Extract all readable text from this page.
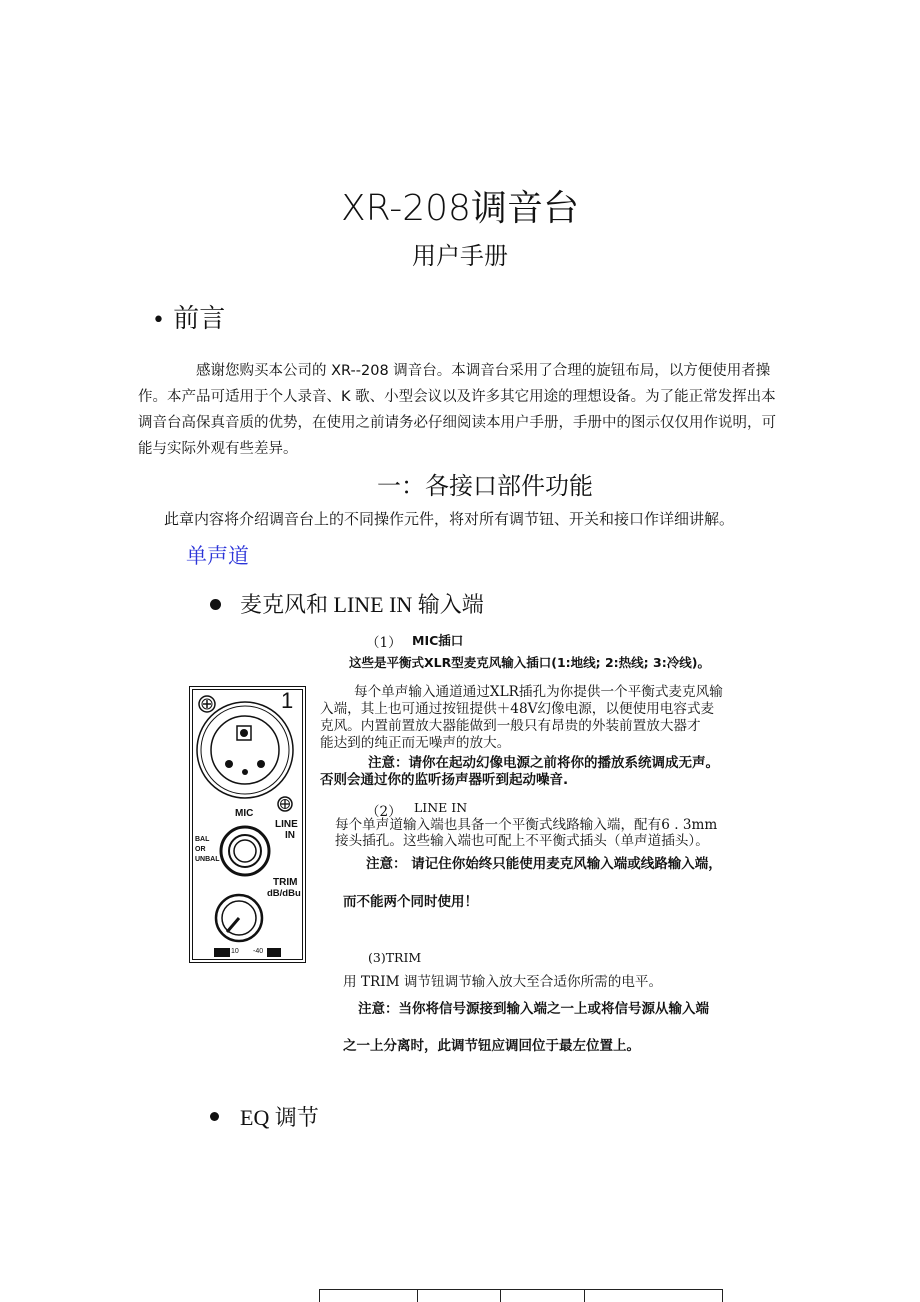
XR-208调音台
用户手册
• 前言

感谢您购买本公司的 XR--208 调音台。本调音台采用了合理的旋钮布局，以方便使用者操作。本产品可适用于个人录音、K 歌、小型会议以及许多其它用途的理想设备。为了能正常发挥出本调音台高保真音质的优势，在使用之前请务必仔细阅读本用户手册，手册中的图示仅仅用作说明，可能与实际外观有些差异。

一：各接口部件功能
此章内容将介绍调音台上的不同操作元件，将对所有调节钮、开关和接口作详细讲解。
单声道
麦克风和 LINE IN 输入端
（1） MIC插口
这些是平衡式XLR型麦克风输入插口(1:地线; 2:热线; 3:冷线)。
每个单声输入通道通过XLR插孔为你提供一个平衡式麦克风输
入端，其上也可通过按钮提供＋48V幻像电源，以便使用电容式麦
克风。内置前置放大器能做到一般只有昂贵的外装前置放大器才
能达到的纯正而无噪声的放大。
注意：请你在起动幻像电源之前将你的播放系统调成无声。
否则会通过你的监听扬声器听到起动噪音.
（2） LINE IN
每个单声道输入端也具备一个平衡式线路输入端，配有6 . 3mm
接头插孔。这些输入端也可配上不平衡式插头（单声道插头）。
注意： 请记住你始终只能使用麦克风输入端或线路输入端，
而不能两个同时使用！
(3)TRIM
用 TRIM 调节钮调节输入放大至合适你所需的电平。
注意：当你将信号源接到输入端之一上或将信号源从输入端
之一上分离时，此调节钮应调回位于最左位置上。
1
MIC
LINE
IN
BAL
OR
UNBAL
TRIM
dB/dBu
10 -40
EQ 调节
